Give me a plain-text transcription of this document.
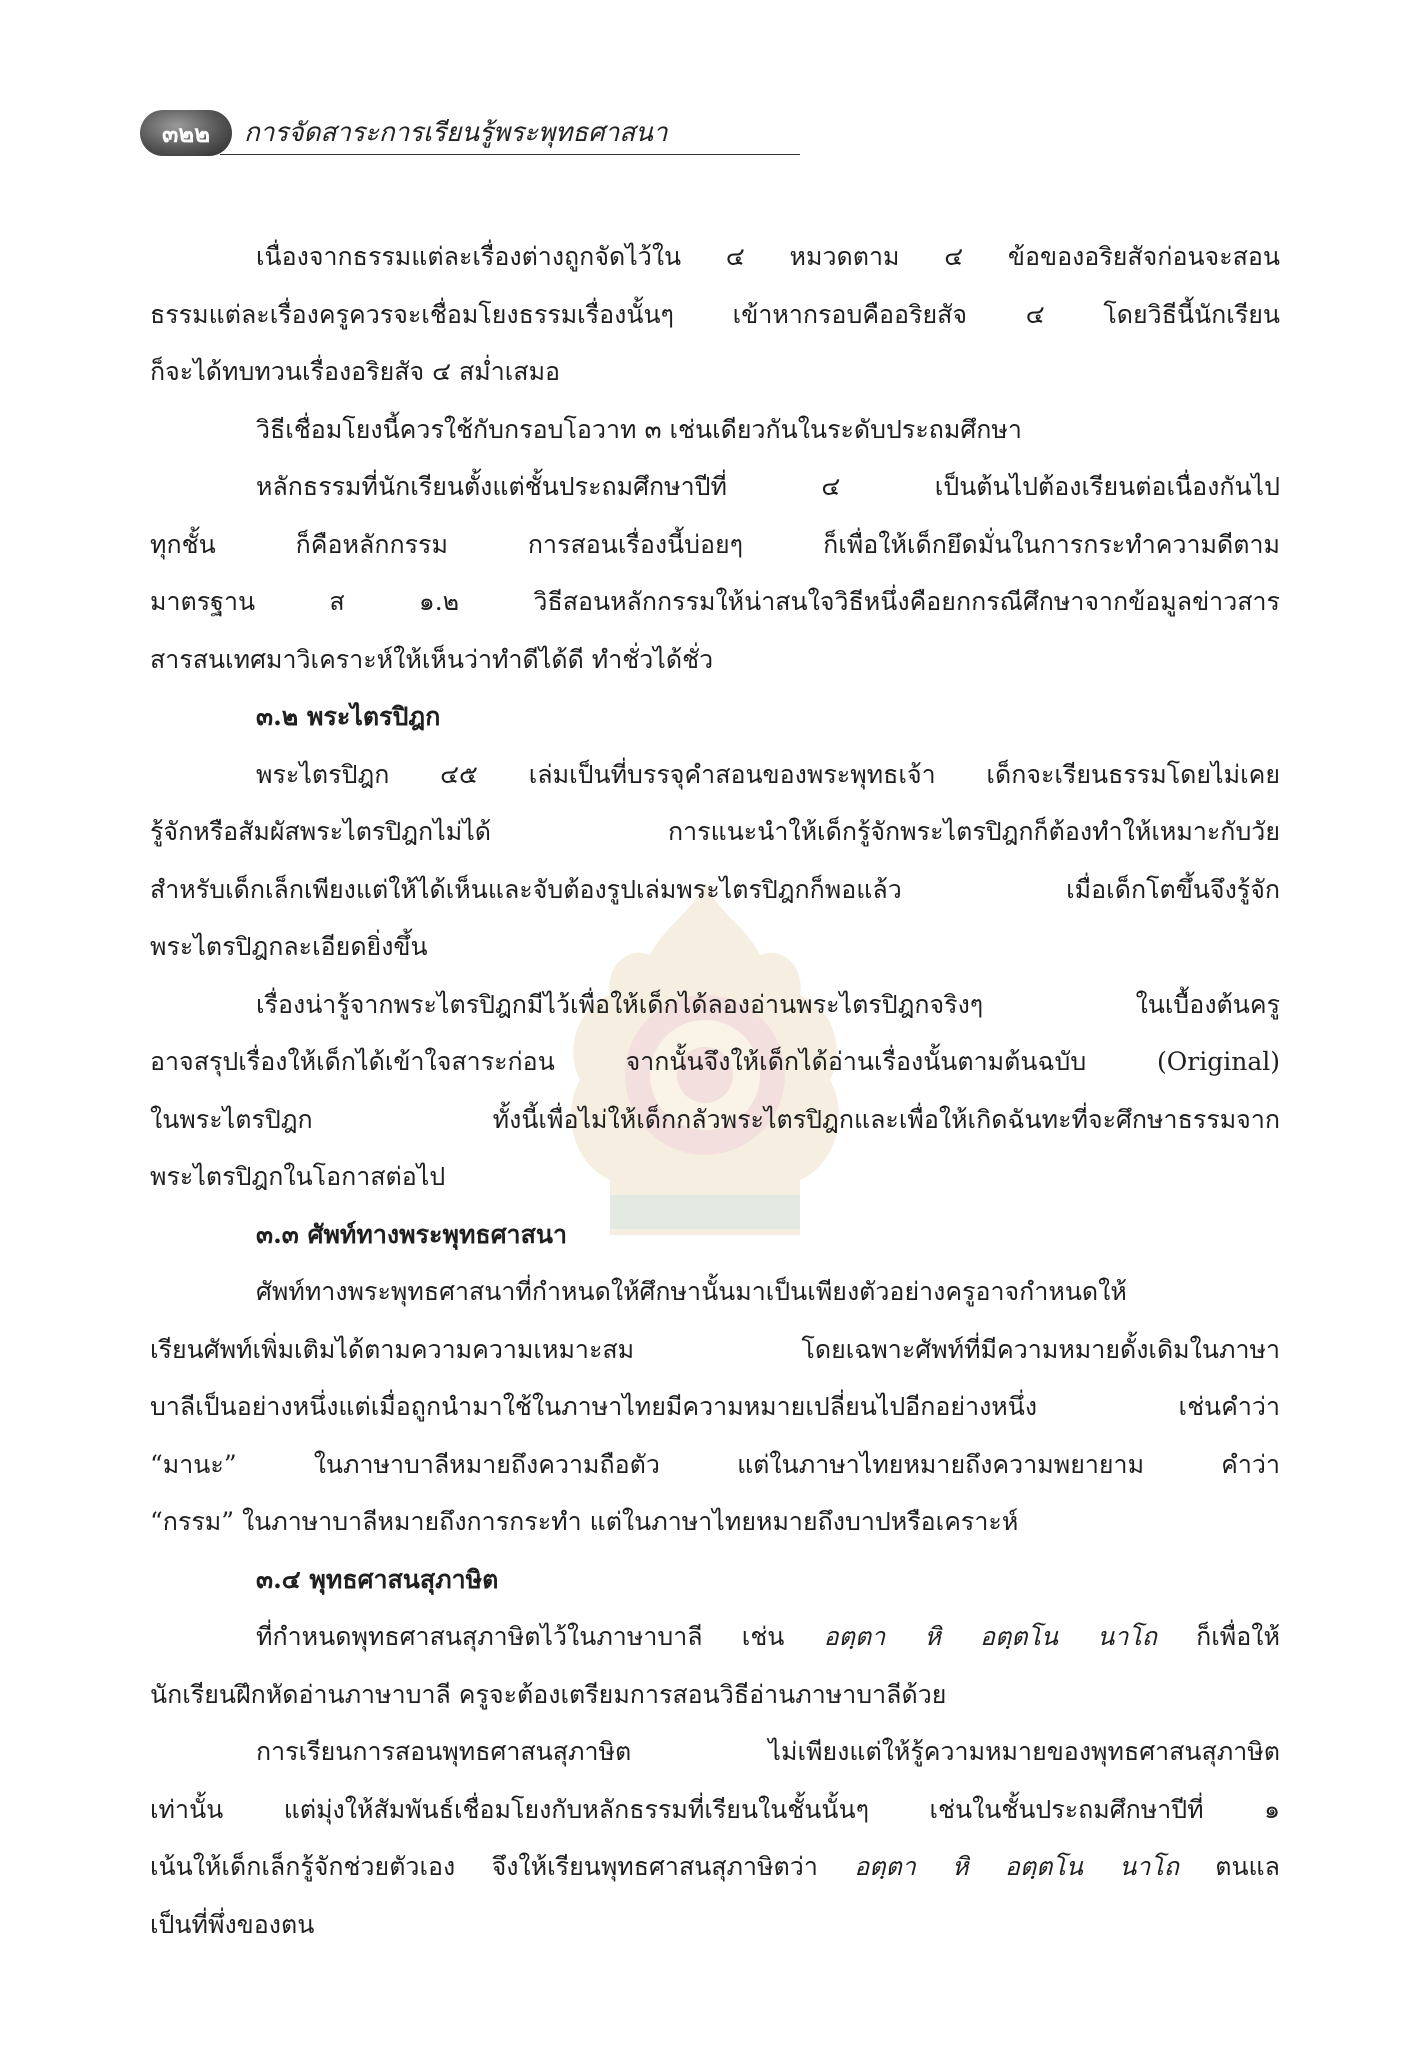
๓๒๒	การจัดสาระการเรียนรู้พระพุทธศาสนา

เนื่องจากธรรมแต่ละเรื่องต่างถูกจัดไว้ใน ๔ หมวดตาม ๔ ข้อของอริยสัจก่อนจะสอน

ธรรมแต่ละเรื่องครูควรจะเชื่อมโยงธรรมเรื่องนั้นๆ เข้าหากรอบคืออริยสัจ ๔ โดยวิธีนี้นักเรียน

ก็จะได้ทบทวนเรื่องอริยสัจ ๔ สม่ำเสมอ

วิธีเชื่อมโยงนี้ควรใช้กับกรอบโอวาท ๓ เช่นเดียวกันในระดับประถมศึกษา

หลักธรรมที่นักเรียนตั้งแต่ชั้นประถมศึกษาปีที่ ๔ เป็นต้นไปต้องเรียนต่อเนื่องกันไป

ทุกชั้น ก็คือหลักกรรม การสอนเรื่องนี้บ่อยๆ ก็เพื่อให้เด็กยึดมั่นในการกระทำความดีตาม

มาตรฐาน ส ๑.๒ วิธีสอนหลักกรรมให้น่าสนใจวิธีหนึ่งคือยกกรณีศึกษาจากข้อมูลข่าวสาร

สารสนเทศมาวิเคราะห์ให้เห็นว่าทำดีได้ดี ทำชั่วได้ชั่ว

๓.๒ พระไตรปิฎก

พระไตรปิฎก ๔๕ เล่มเป็นที่บรรจุคำสอนของพระพุทธเจ้า เด็กจะเรียนธรรมโดยไม่เคย

รู้จักหรือสัมผัสพระไตรปิฎกไม่ได้ การแนะนำให้เด็กรู้จักพระไตรปิฎกก็ต้องทำให้เหมาะกับวัย

สำหรับเด็กเล็กเพียงแต่ให้ได้เห็นและจับต้องรูปเล่มพระไตรปิฎกก็พอแล้ว เมื่อเด็กโตขึ้นจึงรู้จัก

พระไตรปิฎกละเอียดยิ่งขึ้น

เรื่องน่ารู้จากพระไตรปิฎกมีไว้เพื่อให้เด็กได้ลองอ่านพระไตรปิฎกจริงๆ ในเบื้องต้นครู

อาจสรุปเรื่องให้เด็กได้เข้าใจสาระก่อน จากนั้นจึงให้เด็กได้อ่านเรื่องนั้นตามต้นฉบับ (Original)

ในพระไตรปิฎก ทั้งนี้เพื่อไม่ให้เด็กกลัวพระไตรปิฎกและเพื่อให้เกิดฉันทะที่จะศึกษาธรรมจาก

พระไตรปิฎกในโอกาสต่อไป

๓.๓ ศัพท์ทางพระพุทธศาสนา

ศัพท์ทางพระพุทธศาสนาที่กำหนดให้ศึกษานั้นมาเป็นเพียงตัวอย่างครูอาจกำหนดให้

เรียนศัพท์เพิ่มเติมได้ตามความความเหมาะสม โดยเฉพาะศัพท์ที่มีความหมายดั้งเดิมในภาษา

บาลีเป็นอย่างหนึ่งแต่เมื่อถูกนำมาใช้ในภาษาไทยมีความหมายเปลี่ยนไปอีกอย่างหนึ่ง เช่นคำว่า

“มานะ” ในภาษาบาลีหมายถึงความถือตัว แต่ในภาษาไทยหมายถึงความพยายาม คำว่า

“กรรม” ในภาษาบาลีหมายถึงการกระทำ แต่ในภาษาไทยหมายถึงบาปหรือเคราะห์

๓.๔ พุทธศาสนสุภาษิต

ที่กำหนดพุทธศาสนสุภาษิตไว้ในภาษาบาลี เช่น อตฺตา หิ อตฺตโน นาโถ ก็เพื่อให้

นักเรียนฝึกหัดอ่านภาษาบาลี ครูจะต้องเตรียมการสอนวิธีอ่านภาษาบาลีด้วย

การเรียนการสอนพุทธศาสนสุภาษิต ไม่เพียงแต่ให้รู้ความหมายของพุทธศาสนสุภาษิต

เท่านั้น แต่มุ่งให้สัมพันธ์เชื่อมโยงกับหลักธรรมที่เรียนในชั้นนั้นๆ เช่นในชั้นประถมศึกษาปีที่ ๑

เน้นให้เด็กเล็กรู้จักช่วยตัวเอง จึงให้เรียนพุทธศาสนสุภาษิตว่า อตฺตา หิ อตฺตโน นาโถ ตนแล

เป็นที่พึ่งของตน
